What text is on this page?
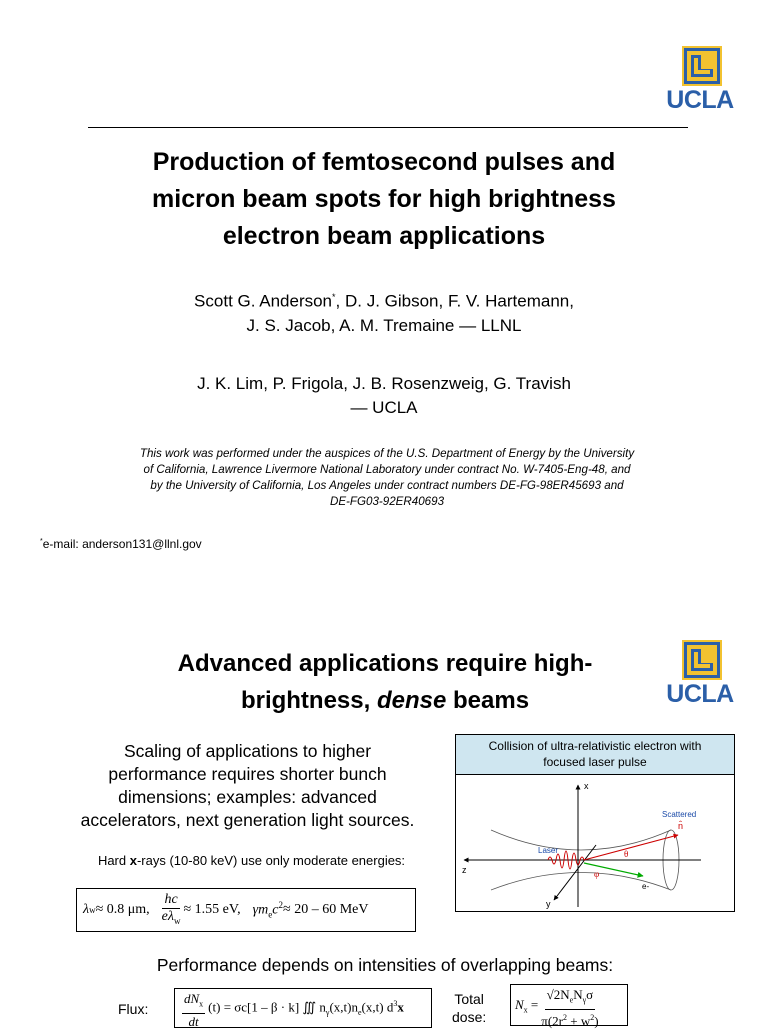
UCLA
Production of femtosecond pulses and
micron beam spots for high brightness
electron beam applications
Scott G. Anderson*, D. J. Gibson, F. V. Hartemann,
J. S. Jacob, A. M. Tremaine — LLNL
J. K. Lim, P. Frigola, J. B. Rosenzweig, G. Travish
— UCLA
This work was performed under the auspices of the U.S. Department of Energy by the University
of California, Lawrence Livermore National Laboratory under contract No. W-7405-Eng-48, and
by the University of California, Los Angeles under contract numbers DE-FG-98ER45693 and
DE-FG03-92ER40693
*e-mail: anderson131@llnl.gov
UCLA
Advanced applications require high-
brightness, dense beams
Scaling of applications to higher
performance requires shorter bunch
dimensions; examples: advanced
accelerators, next generation light sources.
Hard x-rays (10-80 keV) use only moderate energies:
λ w ≈ 0.8 μm, $\frac{hc}{e\lambda_w} \approx 1.55$ eV, $\gamma m_ec^2 \approx 20 - 60$ MeV
Collision of ultra-relativistic electron with
focused laser pulse
x
z
y
Laser
Scattered
n̂
θ
φ
e-
Performance depends on intensities of overlapping beams:
Flux:	$\frac{dN_x}{dt} (t) = \sigma c[1 - \beta \cdot k]$ ∭ $n_\gamma(x,t)n_e(x,t)$ $d^3x$	Total
dose:
$N_x = \frac{√2N_eN_\gamma\sigma}{\pi(2r^2 + w^2)}$
